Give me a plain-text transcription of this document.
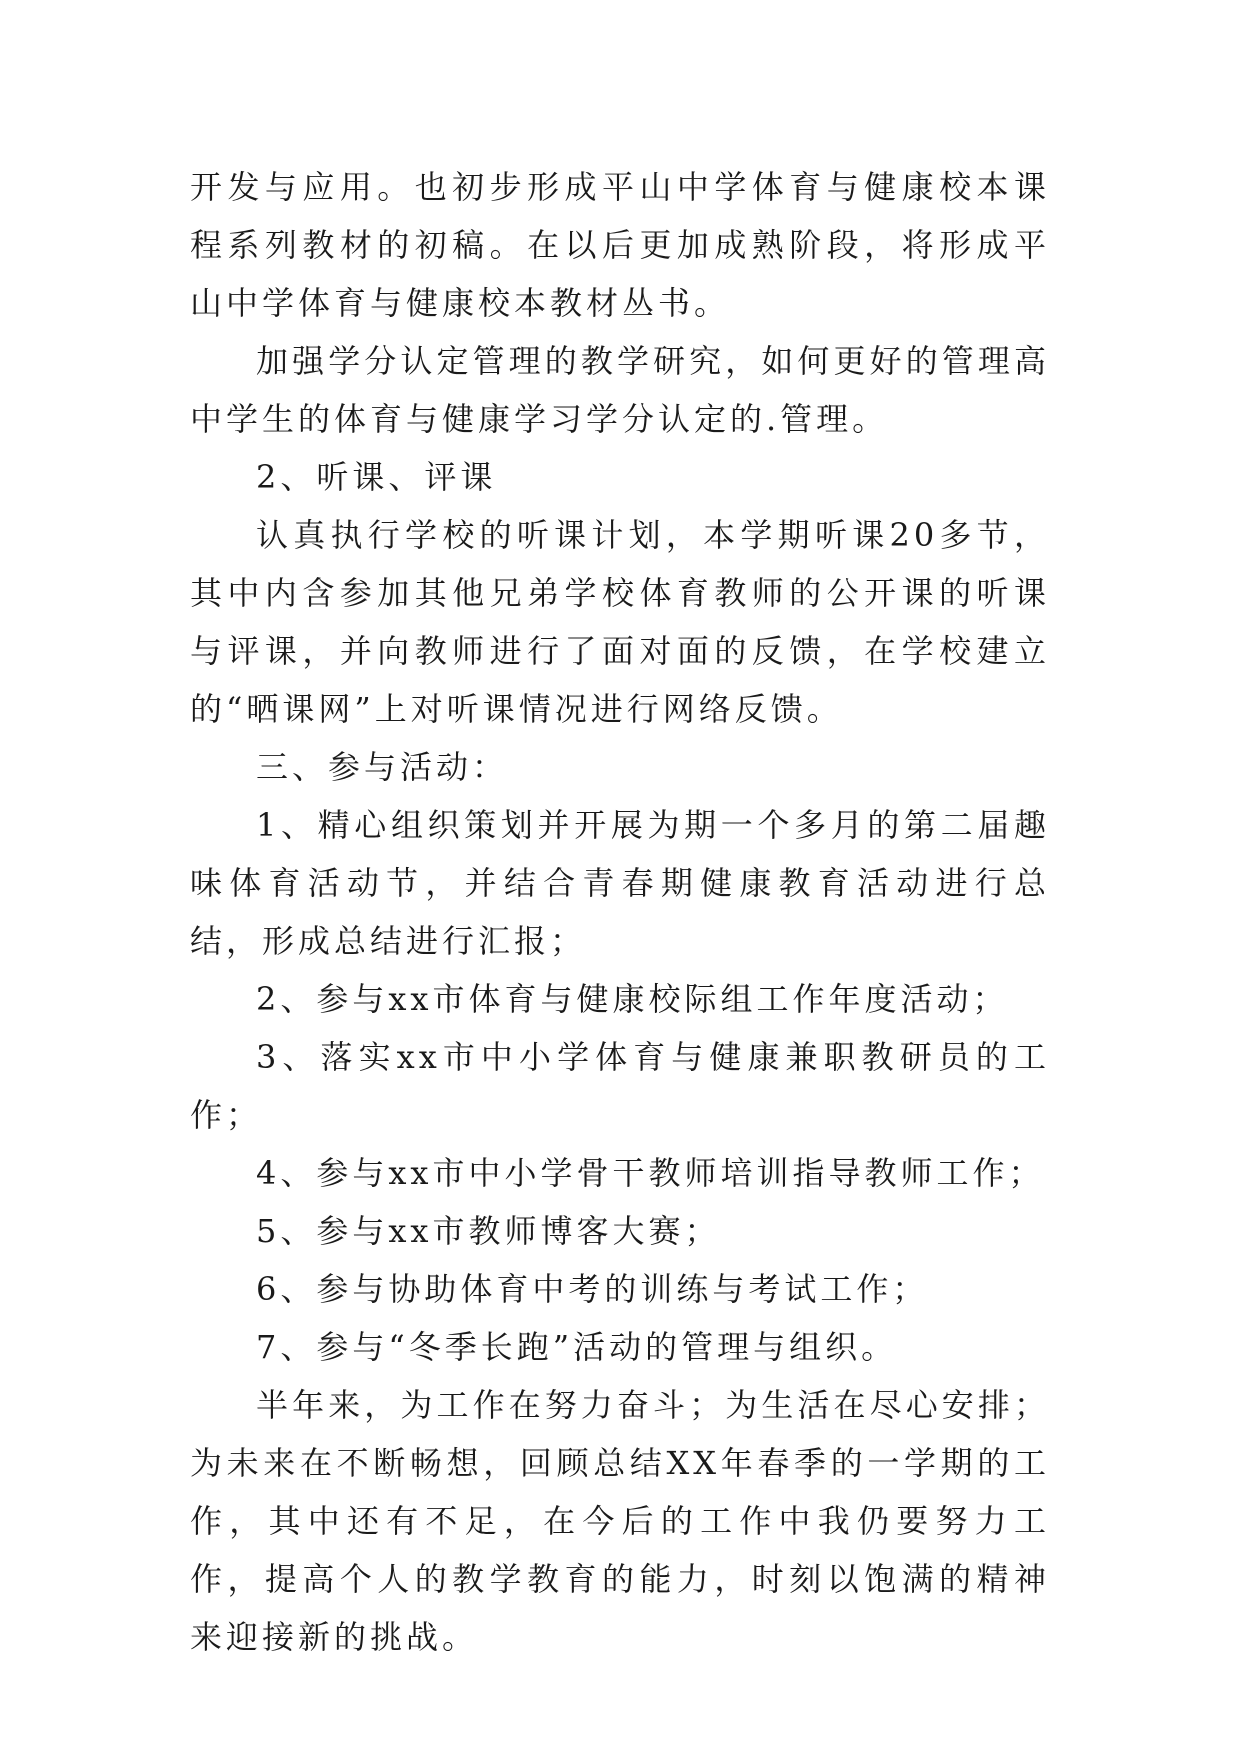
开发与应用。也初步形成平山中学体育与健康校本课程系列教材的初稿。在以后更加成熟阶段，将形成平山中学体育与健康校本教材丛书。

加强学分认定管理的教学研究，如何更好的管理高中学生的体育与健康学习学分认定的.管理。

2、听课、评课

认真执行学校的听课计划，本学期听课20多节，其中内含参加其他兄弟学校体育教师的公开课的听课与评课，并向教师进行了面对面的反馈，在学校建立的“晒课网”上对听课情况进行网络反馈。

三、参与活动：

1、精心组织策划并开展为期一个多月的第二届趣味体育活动节，并结合青春期健康教育活动进行总结，形成总结进行汇报；

2、参与xx市体育与健康校际组工作年度活动；

3、落实xx市中小学体育与健康兼职教研员的工作；

4、参与xx市中小学骨干教师培训指导教师工作；

5、参与xx市教师博客大赛；

6、参与协助体育中考的训练与考试工作；

7、参与“冬季长跑”活动的管理与组织。

半年来，为工作在努力奋斗；为生活在尽心安排；为未来在不断畅想，回顾总结XX年春季的一学期的工作，其中还有不足，在今后的工作中我仍要努力工作，提高个人的教学教育的能力，时刻以饱满的精神来迎接新的挑战。
